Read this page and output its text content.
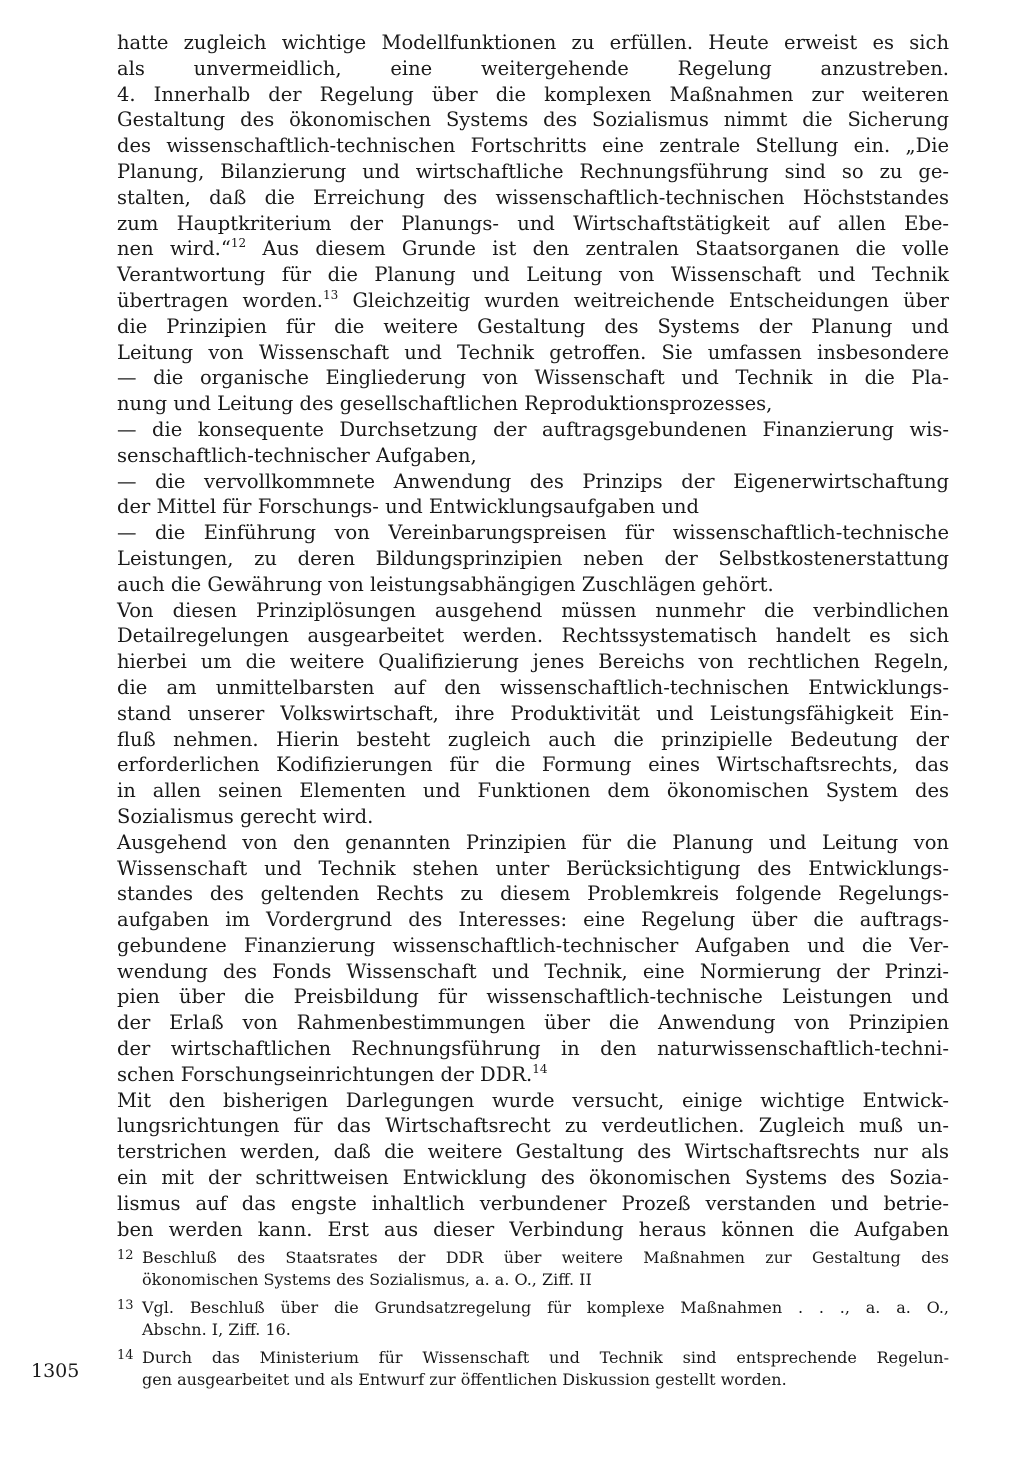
hatte zugleich wichtige Modellfunktionen zu erfüllen. Heute erweist es sich
als unvermeidlich, eine weitergehende Regelung anzustreben.
4. Innerhalb der Regelung über die komplexen Maßnahmen zur weiteren
Gestaltung des ökonomischen Systems des Sozialismus nimmt die Sicherung
des wissenschaftlich-technischen Fortschritts eine zentrale Stellung ein. „Die
Planung, Bilanzierung und wirtschaftliche Rechnungsführung sind so zu ge-
stalten, daß die Erreichung des wissenschaftlich-technischen Höchststandes
zum Hauptkriterium der Planungs- und Wirtschaftstätigkeit auf allen Ebe-
nen wird.“$^{12}$ Aus diesem Grunde ist den zentralen Staatsorganen die volle
Verantwortung für die Planung und Leitung von Wissenschaft und Technik
übertragen worden.$^{13}$ Gleichzeitig wurden weitreichende Entscheidungen über
die Prinzipien für die weitere Gestaltung des Systems der Planung und
Leitung von Wissenschaft und Technik getroffen. Sie umfassen insbesondere
— die organische Eingliederung von Wissenschaft und Technik in die Pla-
nung und Leitung des gesellschaftlichen Reproduktionsprozesses,
— die konsequente Durchsetzung der auftragsgebundenen Finanzierung wis-
senschaftlich-technischer Aufgaben,
— die vervollkommnete Anwendung des Prinzips der Eigenerwirtschaftung
der Mittel für Forschungs- und Entwicklungsaufgaben und
— die Einführung von Vereinbarungspreisen für wissenschaftlich-technische
Leistungen, zu deren Bildungsprinzipien neben der Selbstkostenerstattung
auch die Gewährung von leistungsabhängigen Zuschlägen gehört.
Von diesen Prinziplösungen ausgehend müssen nunmehr die verbindlichen
Detailregelungen ausgearbeitet werden. Rechtssystematisch handelt es sich
hierbei um die weitere Qualifizierung jenes Bereichs von rechtlichen Regeln,
die am unmittelbarsten auf den wissenschaftlich-technischen Entwicklungs-
stand unserer Volkswirtschaft, ihre Produktivität und Leistungsfähigkeit Ein-
fluß nehmen. Hierin besteht zugleich auch die prinzipielle Bedeutung der
erforderlichen Kodifizierungen für die Formung eines Wirtschaftsrechts, das
in allen seinen Elementen und Funktionen dem ökonomischen System des
Sozialismus gerecht wird.
Ausgehend von den genannten Prinzipien für die Planung und Leitung von
Wissenschaft und Technik stehen unter Berücksichtigung des Entwicklungs-
standes des geltenden Rechts zu diesem Problemkreis folgende Regelungs-
aufgaben im Vordergrund des Interesses: eine Regelung über die auftrags-
gebundene Finanzierung wissenschaftlich-technischer Aufgaben und die Ver-
wendung des Fonds Wissenschaft und Technik, eine Normierung der Prinzi-
pien über die Preisbildung für wissenschaftlich-technische Leistungen und
der Erlaß von Rahmenbestimmungen über die Anwendung von Prinzipien
der wirtschaftlichen Rechnungsführung in den naturwissenschaftlich-techni-
schen Forschungseinrichtungen der DDR.$^{14}$
Mit den bisherigen Darlegungen wurde versucht, einige wichtige Entwick-
lungsrichtungen für das Wirtschaftsrecht zu verdeutlichen. Zugleich muß un-
terstrichen werden, daß die weitere Gestaltung des Wirtschaftsrechts nur als
ein mit der schrittweisen Entwicklung des ökonomischen Systems des Sozia-
lismus auf das engste inhaltlich verbundener Prozeß verstanden und betrie-
ben werden kann. Erst aus dieser Verbindung heraus können die Aufgaben
12 Beschluß des Staatsrates der DDR über weitere Maßnahmen zur Gestaltung des
ökonomischen Systems des Sozialismus, a. a. O., Ziff. II
13 Vgl. Beschluß über die Grundsatzregelung für komplexe Maßnahmen . . ., a. a. O.,
Abschn. I, Ziff. 16.
14 Durch das Ministerium für Wissenschaft und Technik sind entsprechende Regelun-
gen ausgearbeitet und als Entwurf zur öffentlichen Diskussion gestellt worden.
1305
